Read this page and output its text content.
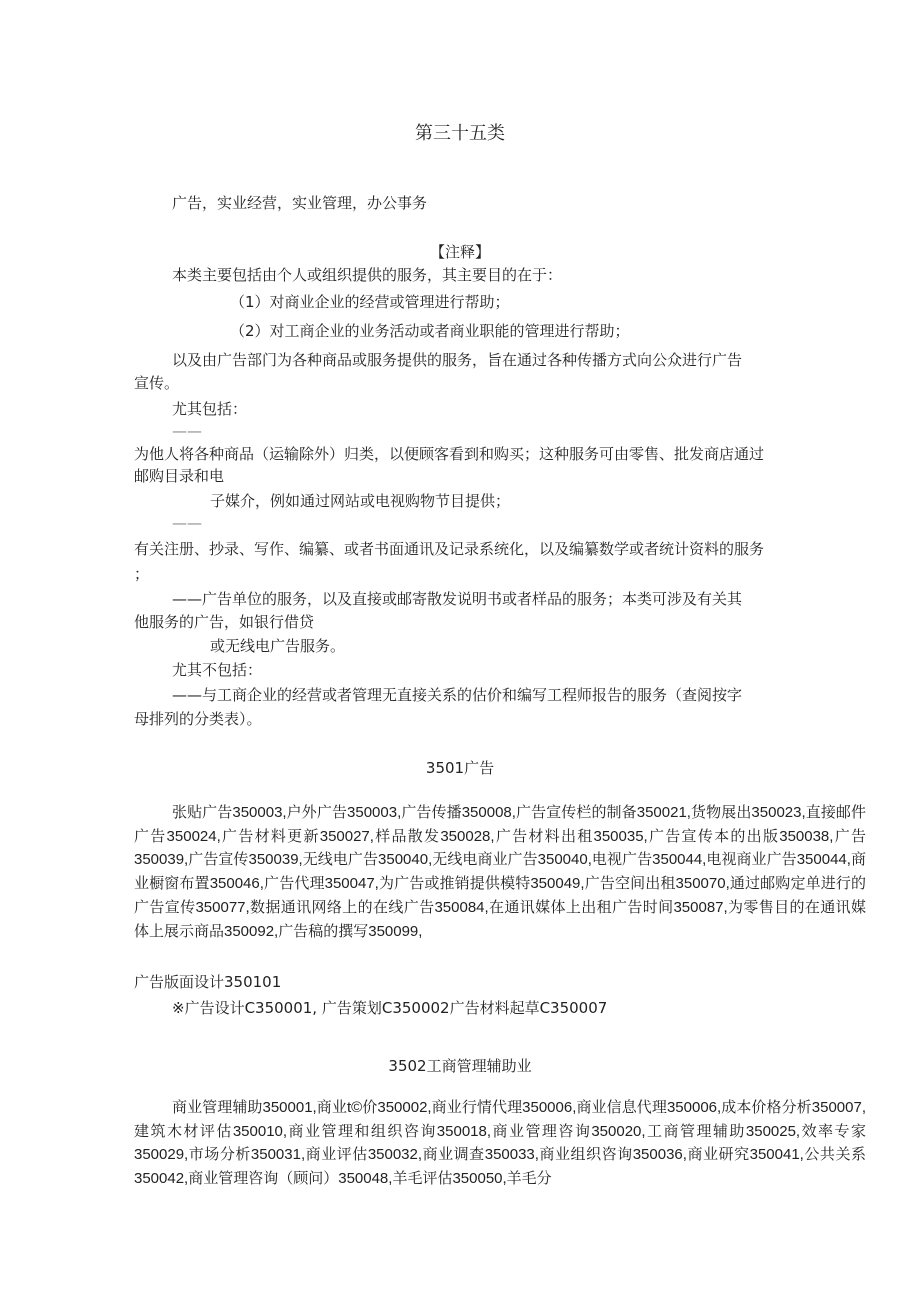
第三十五类
广告，实业经营，实业管理，办公事务
【注释】
本类主要包括由个人或组织提供的服务，其主要目的在于：
（1）对商业企业的经营或管理进行帮助；
（2）对工商企业的业务活动或者商业职能的管理进行帮助；
以及由广告部门为各种商品或服务提供的服务，旨在通过各种传播方式向公众进行广告
宣传。
尤其包括：
——
为他人将各种商品（运输除外）归类，以便顾客看到和购买；这种服务可由零售、批发商店通过
邮购目录和电
子媒介，例如通过网站或电视购物节目提供；
——
有关注册、抄录、写作、编纂、或者书面通讯及记录系统化，以及编纂数学或者统计资料的服务
；
——广告单位的服务，以及直接或邮寄散发说明书或者样品的服务；本类可涉及有关其
他服务的广告，如银行借贷
或无线电广告服务。
尤其不包括：
——与工商企业的经营或者管理无直接关系的估价和编写工程师报告的服务（查阅按字
母排列的分类表）。
3501广告
张贴广告350003,户外广告350003,广告传播350008,广告宣传栏的制备350021,货物展出350023,直接邮件广告350024,广告材料更新350027,样品散发350028,广告材料出租350035,广告宣传本的出版350038,广告350039,广告宣传350039,无线电广告350040,无线电商业广告350040,电视广告350044,电视商业广告350044,商业橱窗布置350046,广告代理350047,为广告或推销提供模特350049,广告空间出租350070,通过邮购定单进行的广告宣传350077,数据通讯网络上的在线广告350084,在通讯媒体上出租广告时间350087,为零售目的在通讯媒体上展示商品350092,广告稿的撰写350099,
广告版面设计350101
※广告设计C350001, 广告策划C350002广告材料起草C350007
3502工商管理辅助业
商业管理辅助350001,商业t©价350002,商业行情代理350006,商业信息代理350006,成本价格分析350007,建筑木材评估350010,商业管理和组织咨询350018,商业管理咨询350020,工商管理辅助350025,效率专家350029,市场分析350031,商业评估350032,商业调查350033,商业组织咨询350036,商业研究350041,公共关系350042,商业管理咨询（顾问）350048,羊毛评估350050,羊毛分
